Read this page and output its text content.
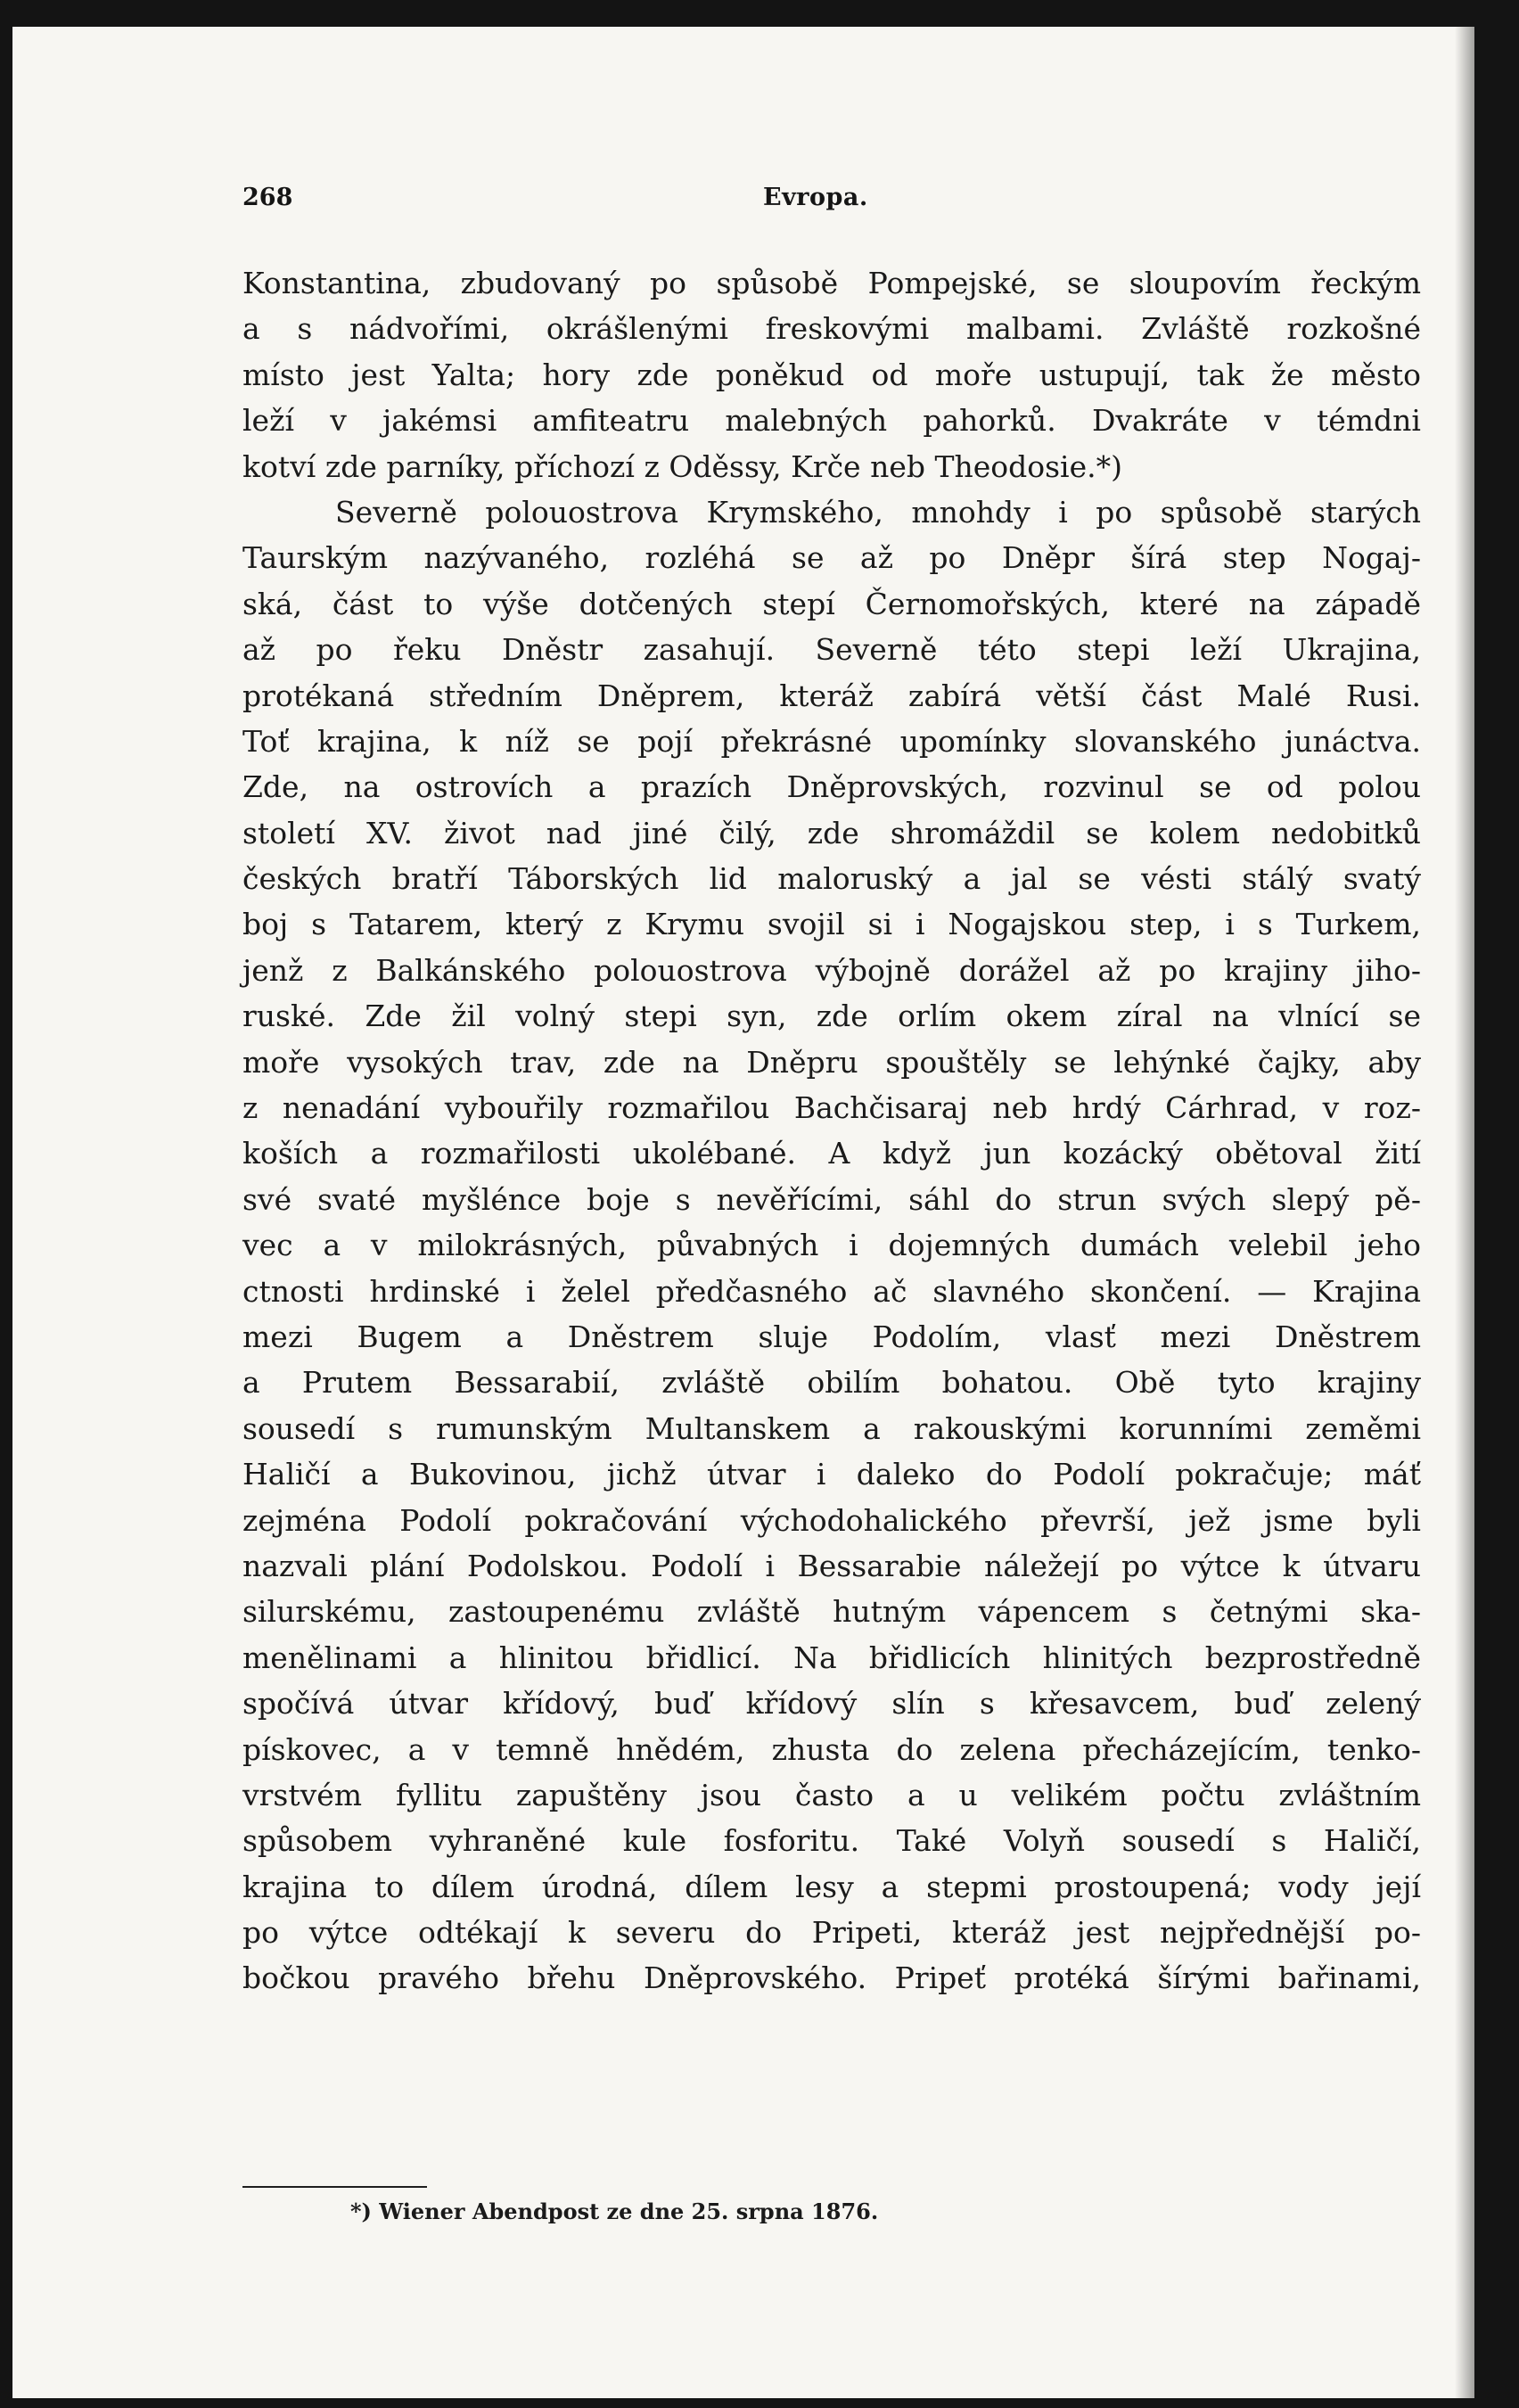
268	Evropa.
Konstantina, zbudovaný po spůsobě Pompejské, se sloupovím řeckým
a s nádvořími, okrášlenými freskovými malbami. Zvláště rozkošné
místo jest Yalta; hory zde poněkud od moře ustupují, tak že město
leží v jakémsi amfiteatru malebných pahorků. Dvakráte v témdni
kotví zde parníky, příchozí z Oděssy, Krče neb Theodosie.*)
Severně polouostrova Krymského, mnohdy i po spůsobě starých
Taurským nazývaného, rozléhá se až po Dněpr šírá step Nogaj-
ská, část to výše dotčených stepí Černomořských, které na západě
až po řeku Dněstr zasahují. Severně této stepi leží Ukrajina,
protékaná středním Dněprem, kteráž zabírá větší část Malé Rusi.
Toť krajina, k níž se pojí překrásné upomínky slovanského junáctva.
Zde, na ostrovích a prazích Dněprovských, rozvinul se od polou
století XV. život nad jiné čilý, zde shromáždil se kolem nedobitků
českých bratří Táborských lid maloruský a jal se vésti stálý svatý
boj s Tatarem, který z Krymu svojil si i Nogajskou step, i s Turkem,
jenž z Balkánského polouostrova výbojně dorážel až po krajiny jiho-
ruské. Zde žil volný stepi syn, zde orlím okem zíral na vlnící se
moře vysokých trav, zde na Dněpru spouštěly se lehýnké čajky, aby
z nenadání vybouřily rozmařilou Bachčisaraj neb hrdý Cárhrad, v roz-
koších a rozmařilosti ukolébané. A když jun kozácký obětoval žití
své svaté myšlénce boje s nevěřícími, sáhl do strun svých slepý pě-
vec a v milokrásných, půvabných i dojemných dumách velebil jeho
ctnosti hrdinské i želel předčasného ač slavného skončení. — Krajina
mezi Bugem a Dněstrem sluje Podolím, vlasť mezi Dněstrem
a Prutem Bessarabií, zvláště obilím bohatou. Obě tyto krajiny
sousedí s rumunským Multanskem a rakouskými korunními zeměmi
Haličí a Bukovinou, jichž útvar i daleko do Podolí pokračuje; máť
zejména Podolí pokračování východohalického převrší, jež jsme byli
nazvali plání Podolskou. Podolí i Bessarabie náležejí po výtce k útvaru
silurskému, zastoupenému zvláště hutným vápencem s četnými ska-
menělinami a hlinitou břidlicí. Na břidlicích hlinitých bezprostředně
spočívá útvar křídový, buď křídový slín s křesavcem, buď zelený
pískovec, a v temně hnědém, zhusta do zelena přecházejícím, tenko-
vrstvém fyllitu zapuštěny jsou často a u velikém počtu zvláštním
spůsobem vyhraněné kule fosforitu. Také Volyň sousedí s Haličí,
krajina to dílem úrodná, dílem lesy a stepmi prostoupená; vody její
po výtce odtékají k severu do Pripeti, kteráž jest nejpřednější po-
bočkou pravého břehu Dněprovského. Pripeť protéká šírými bařinami,
*) Wiener Abendpost ze dne 25. srpna 1876.
